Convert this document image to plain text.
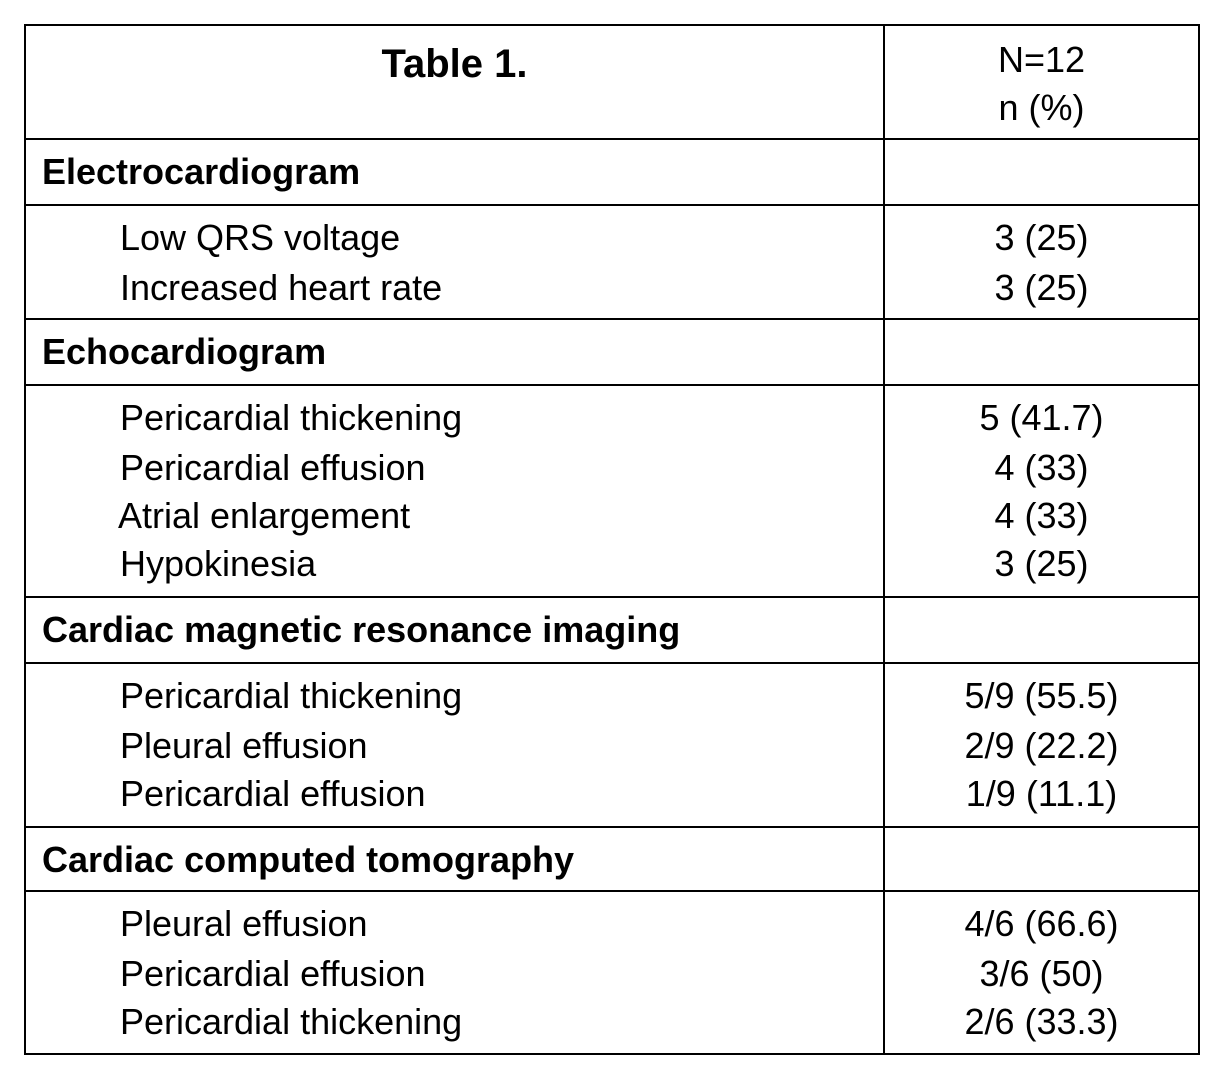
Table 1.	N=12
n (%)
Electrocardiogram
Low QRS voltage	3 (25)
Increased heart rate	3 (25)
Echocardiogram
Pericardial thickening	5 (41.7)
Pericardial effusion	4 (33)
Atrial enlargement	4 (33)
Hypokinesia	3 (25)
Cardiac magnetic resonance imaging
Pericardial thickening	5/9 (55.5)
Pleural effusion	2/9 (22.2)
Pericardial effusion	1/9 (11.1)
Cardiac computed tomography
Pleural effusion	4/6 (66.6)
Pericardial effusion	3/6 (50)
Pericardial thickening	2/6 (33.3)
